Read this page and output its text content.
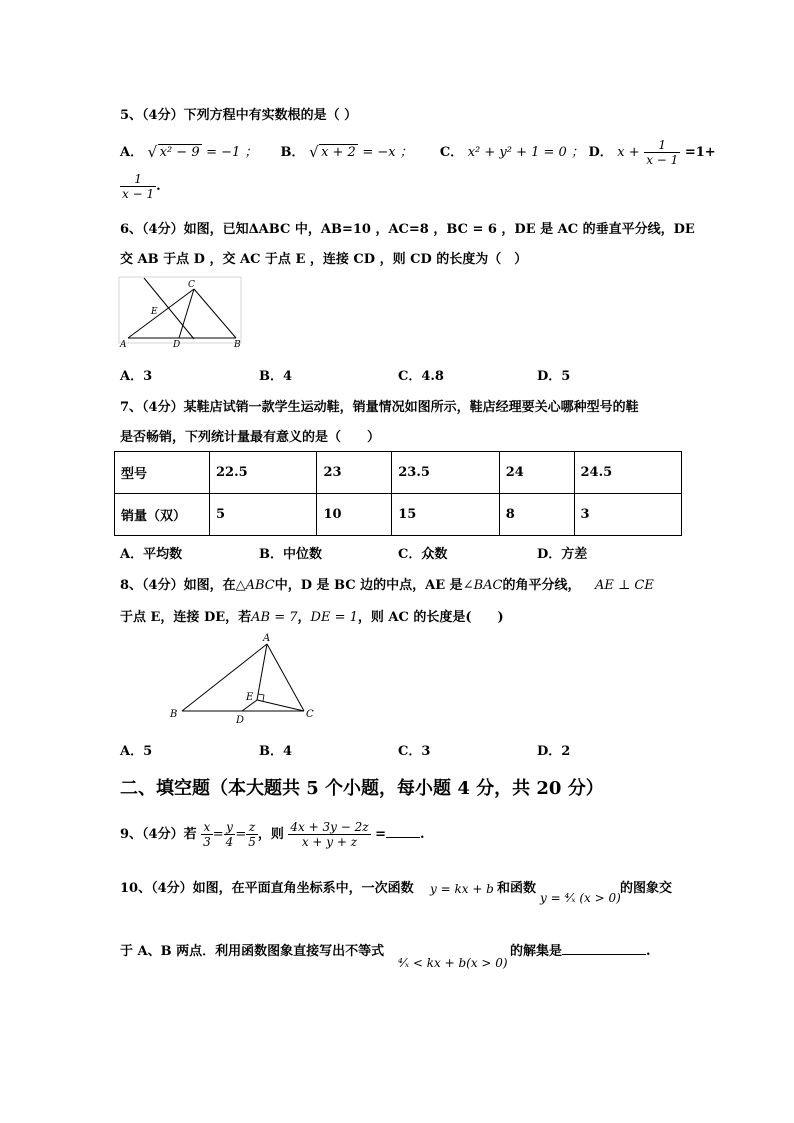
5、（4分）下列方程中有实数根的是（ ）
A． √ x² − 9 = −1 ； B． √ x + 2 = −x ； C． x² + y² + 1 = 0 ； D． $x + \frac{1}{x - 1} =1+$
$\frac{1}{x - 1}$ .
6、（4分）如图，已知ΔABC 中，AB=10 ，AC=8 ，BC = 6 ，DE 是 AC 的垂直平分线，DE
交 AB 于点 D ，交 AC 于点 E ，连接 CD ，则 CD 的长度为（　）
A	B
C
D
E
A．3	B．4	C．4.8	D．5
7、（4分）某鞋店试销一款学生运动鞋，销量情况如图所示，鞋店经理要关心哪种型号的鞋
是否畅销，下列统计量最有意义的是（　　）
型号	22.5	23	23.5	24	24.5
销量（双）	5	10	15	8	3
A．平均数	B．中位数	C．众数	D．方差
8、（4分）如图，在△ABC中，D 是 BC 边的中点，AE 是∠BAC的角平分线， AE ⊥ CE
于点 E，连接 DE，若AB = 7，DE = 1，则 AC 的长度是(　　)
A
B	C
D
E
A．5	B．4	C．3	D．2
二、填空题（本大题共 5 个小题，每小题 4 分，共 20 分）
9、（4分）若 $\frac{x}{3} = \frac{y}{4} = \frac{z}{5}$ ，则 $\frac{4x + 3y - 2z}{x + y + z}$ =	.
10、（4分）如图，在平面直角坐标系中，一次函数 y = kx + b 和函数
y = ⁴⁄ₓ (x > 0)
的图象交
于 A、B 两点．利用函数图象直接写出不等式
⁴⁄ₓ < kx + b(x > 0)
的解集是	.
